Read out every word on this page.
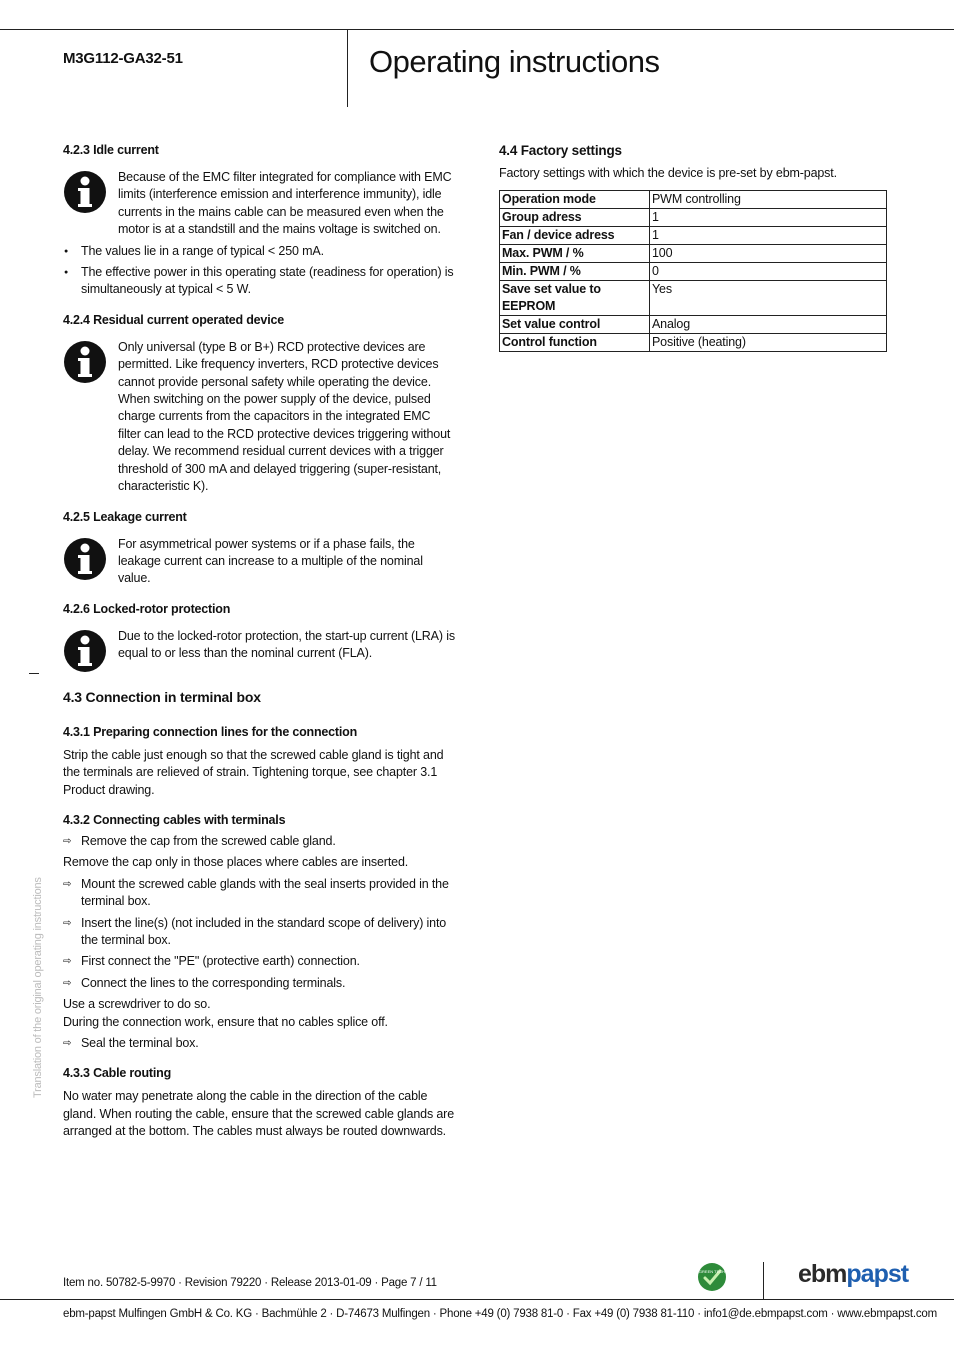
M3G112-GA32-51	Operating instructions
Translation of the original operating instructions
4.2.3 Idle current

Because of the EMC filter integrated for compliance with EMC limits (interference emission and interference immunity), idle currents in the mains cable can be measured even when the motor is at a standstill and the mains voltage is switched on.

● The values lie in a range of typical < 250 mA.
● The effective power in this operating state (readiness for operation) is simultaneously at typical < 5 W.
4.2.4 Residual current operated device

Only universal (type B or B+) RCD protective devices are permitted. Like frequency inverters, RCD protective devices cannot provide personal safety while operating the device. When switching on the power supply of the device, pulsed charge currents from the capacitors in the integrated EMC filter can lead to the RCD protective devices triggering without delay. We recommend residual current devices with a trigger threshold of 300 mA and delayed triggering (super-resistant, characteristic K).

4.2.5 Leakage current

For asymmetrical power systems or if a phase fails, the leakage current can increase to a multiple of the nominal value.

4.2.6 Locked-rotor protection

Due to the locked-rotor protection, the start-up current (LRA) is equal to or less than the nominal current (FLA).

4.3 Connection in terminal box
4.3.1 Preparing connection lines for the connection

Strip the cable just enough so that the screwed cable gland is tight and the terminals are relieved of strain. Tightening torque, see chapter 3.1 Product drawing.

4.3.2 Connecting cables with terminals
⇨ Remove the cap from the screwed cable gland.

Remove the cap only in those places where cables are inserted.

⇨ Mount the screwed cable glands with the seal inserts provided in the terminal box.
⇨ Insert the line(s) (not included in the standard scope of delivery) into the terminal box.
⇨ First connect the "PE" (protective earth) connection.
⇨ Connect the lines to the corresponding terminals.

Use a screwdriver to do so.

During the connection work, ensure that no cables splice off.

⇨ Seal the terminal box.
4.3.3 Cable routing

No water may penetrate along the cable in the direction of the cable gland. When routing the cable, ensure that the screwed cable glands are arranged at the bottom. The cables must always be routed downwards.

4.4 Factory settings

Factory settings with which the device is pre-set by ebm-papst.

Operation mode	PWM controlling
Group adress	1
Fan / device adress	1
Max. PWM / %	100
Min. PWM / %	0
Save set value to EEPROM	Yes
Set value control	Analog
Control function	Positive (heating)
Item no. 50782-5-9970 · Revision 79220 · Release 2013-01-09 · Page 7 / 11
GREEN TECH	ebmpapst
ebm-papst Mulfingen GmbH & Co. KG · Bachmühle 2 · D-74673 Mulfingen · Phone +49 (0) 7938 81-0 · Fax +49 (0) 7938 81-110 · info1@de.ebmpapst.com · www.ebmpapst.com
